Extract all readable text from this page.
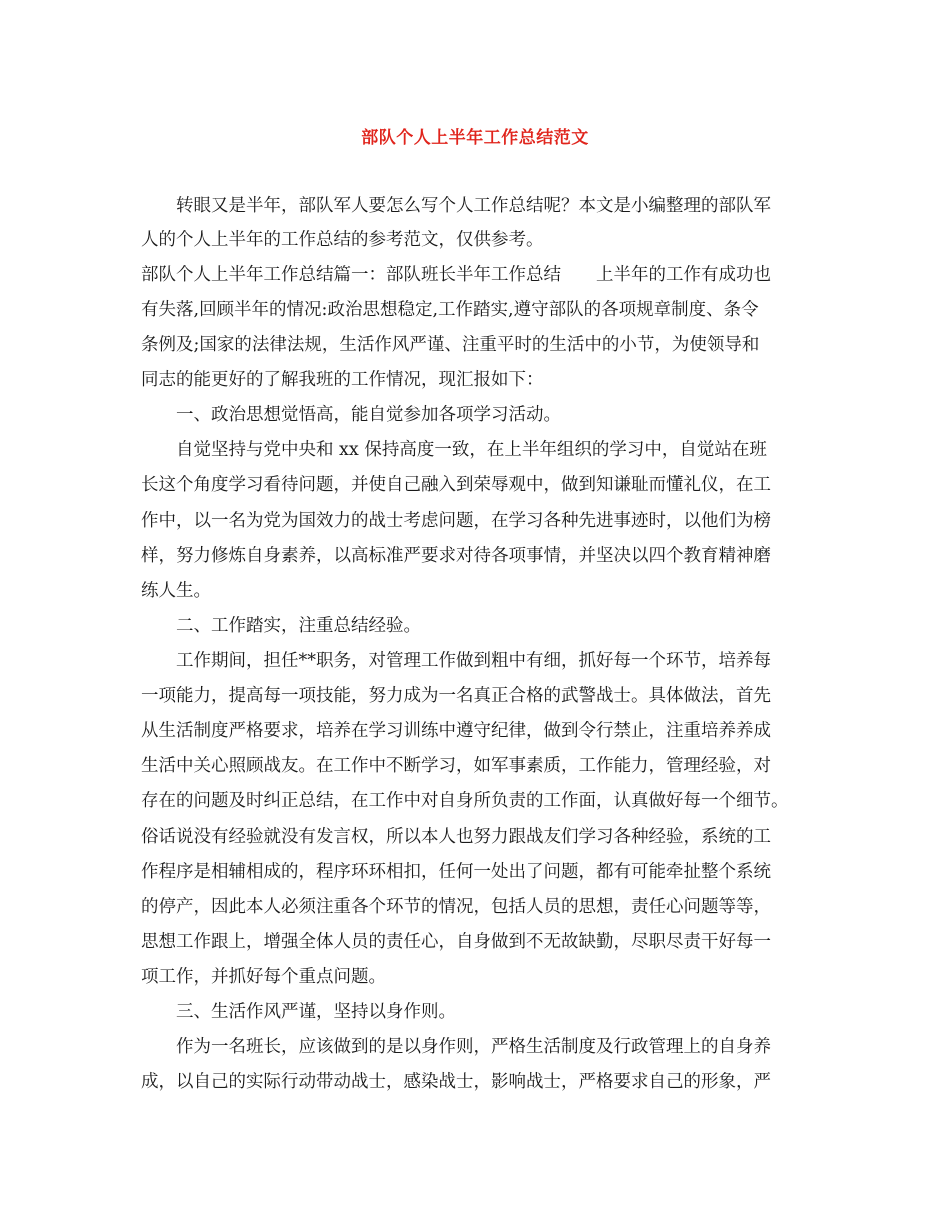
部队个人上半年工作总结范文
转眼又是半年，部队军人要怎么写个人工作总结呢？本文是小编整理的部队军
人的个人上半年的工作总结的参考范文，仅供参考。
部队个人上半年工作总结篇一：部队班长半年工作总结　　上半年的工作有成功也
有失落,回顾半年的情况:政治思想稳定,工作踏实,遵守部队的各项规章制度、条令
条例及;国家的法律法规，生活作风严谨、注重平时的生活中的小节，为使领导和
同志的能更好的了解我班的工作情况，现汇报如下：
一、政治思想觉悟高，能自觉参加各项学习活动。
自觉坚持与党中央和 xx 保持高度一致，在上半年组织的学习中，自觉站在班
长这个角度学习看待问题，并使自己融入到荣辱观中，做到知谦耻而懂礼仪，在工
作中，以一名为党为国效力的战士考虑问题，在学习各种先进事迹时，以他们为榜
样，努力修炼自身素养，以高标准严要求对待各项事情，并坚决以四个教育精神磨
练人生。
二、工作踏实，注重总结经验。
工作期间，担任**职务，对管理工作做到粗中有细，抓好每一个环节，培养每
一项能力，提高每一项技能，努力成为一名真正合格的武警战士。具体做法，首先
从生活制度严格要求，培养在学习训练中遵守纪律，做到令行禁止，注重培养养成
生活中关心照顾战友。在工作中不断学习，如军事素质，工作能力，管理经验，对
存在的问题及时纠正总结，在工作中对自身所负责的工作面，认真做好每一个细节。
俗话说没有经验就没有发言权，所以本人也努力跟战友们学习各种经验，系统的工
作程序是相辅相成的，程序环环相扣，任何一处出了问题，都有可能牵扯整个系统
的停产，因此本人必须注重各个环节的情况，包括人员的思想，责任心问题等等，
思想工作跟上，增强全体人员的责任心，自身做到不无故缺勤，尽职尽责干好每一
项工作，并抓好每个重点问题。
三、生活作风严谨，坚持以身作则。
作为一名班长，应该做到的是以身作则，严格生活制度及行政管理上的自身养
成，以自己的实际行动带动战士，感染战士，影响战士，严格要求自己的形象，严
